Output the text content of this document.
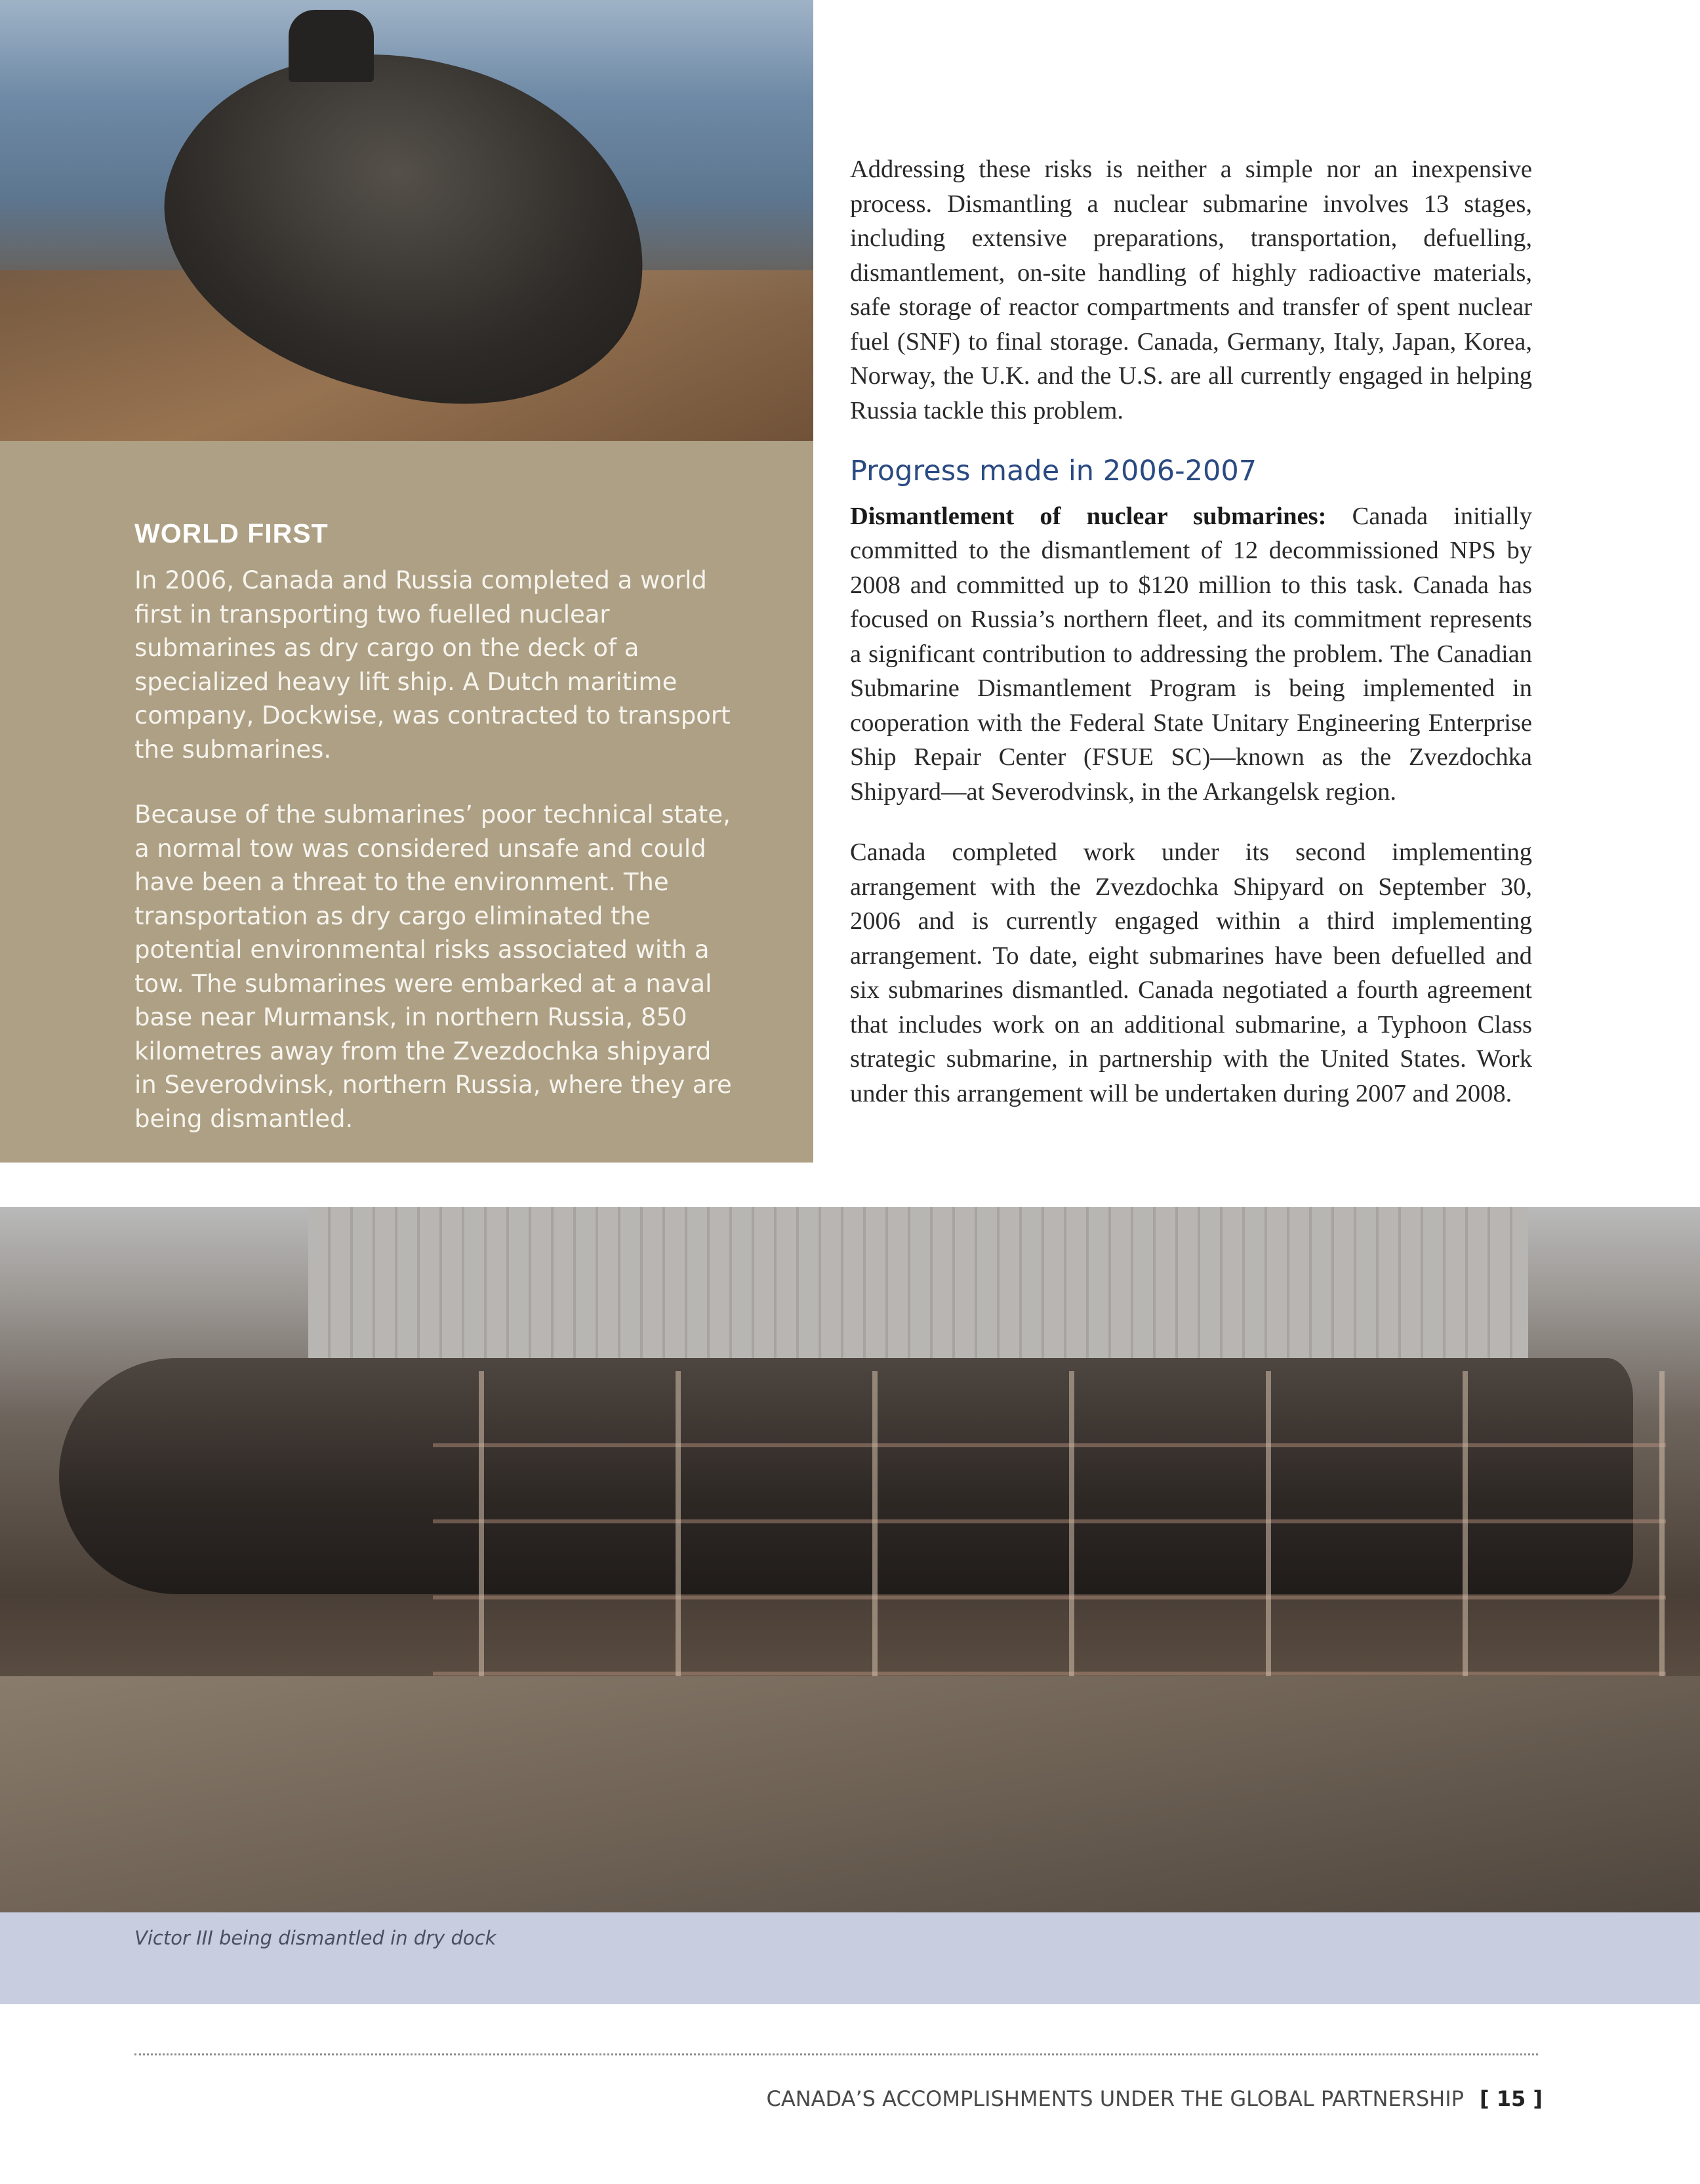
WORLD FIRST

In 2006, Canada and Russia completed a world first in transporting two fuelled nuclear submarines as dry cargo on the deck of a specialized heavy lift ship. A Dutch maritime company, Dockwise, was contracted to transport the submarines.

Because of the submarines’ poor technical state, a normal tow was considered unsafe and could have been a threat to the environment. The transportation as dry cargo eliminated the potential environmental risks associated with a tow. The submarines were embarked at a naval base near Murmansk, in northern Russia, 850 kilometres away from the Zvezdochka shipyard in Severodvinsk, northern Russia, where they are being dismantled.

Addressing these risks is neither a simple nor an inexpensive process. Dismantling a nuclear submarine involves 13 stages, including extensive preparations, transportation, defuelling, dismantlement, on-site handling of highly radioactive materials, safe storage of reactor compartments and transfer of spent nuclear fuel (SNF) to final storage. Canada, Germany, Italy, Japan, Korea, Norway, the U.K. and the U.S. are all currently engaged in helping Russia tackle this problem.

Progress made in 2006-2007

Dismantlement of nuclear submarines: Canada initially committed to the dismantlement of 12 decommissioned NPS by 2008 and committed up to $120 million to this task. Canada has focused on Russia’s northern fleet, and its commitment represents a significant contribution to addressing the problem. The Canadian Submarine Dismantlement Program is being implemented in cooperation with the Federal State Unitary Engineering Enterprise Ship Repair Center (FSUE SC)—known as the Zvezdochka Shipyard—at Severodvinsk, in the Arkangelsk region.

Canada completed work under its second implementing arrangement with the Zvezdochka Shipyard on September 30, 2006 and is currently engaged within a third implementing arrangement. To date, eight submarines have been defuelled and six submarines dismantled. Canada negotiated a fourth agreement that includes work on an additional submarine, a Typhoon Class strategic submarine, in partnership with the United States. Work under this arrangement will be undertaken during 2007 and 2008.

Victor III being dismantled in dry dock
CANADA’S ACCOMPLISHMENTS UNDER THE GLOBAL PARTNERSHIP [ 15 ]
